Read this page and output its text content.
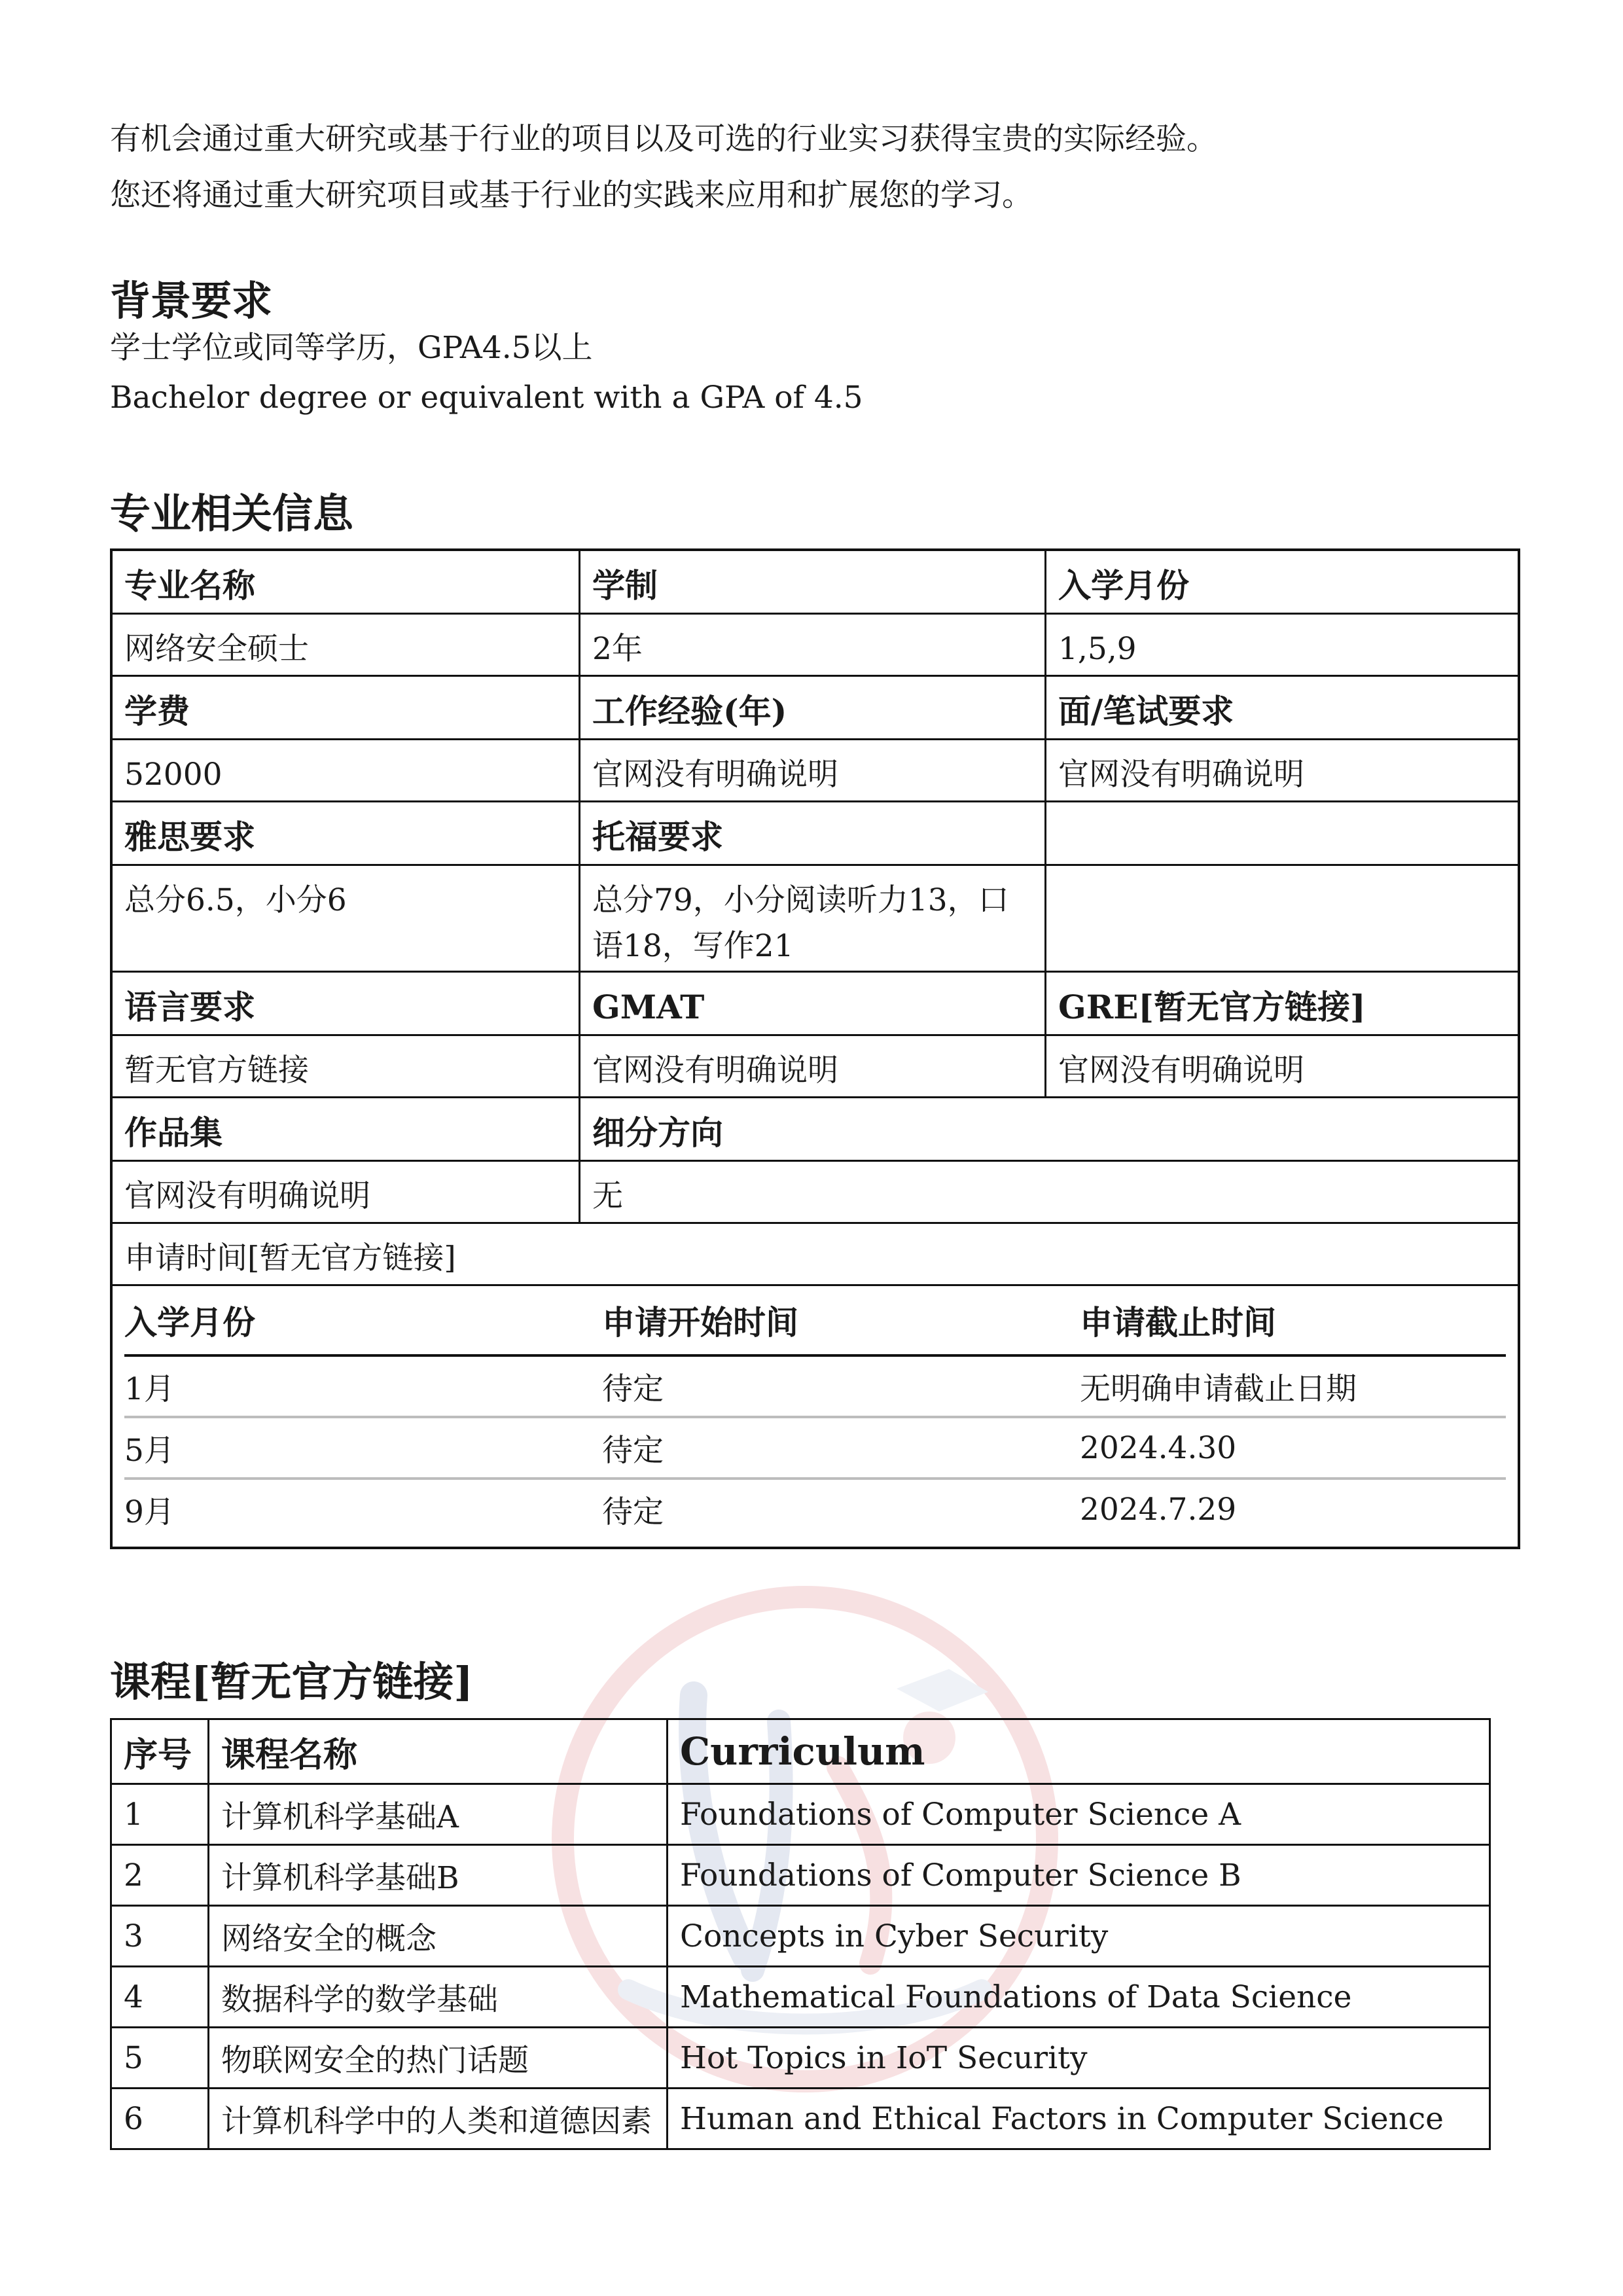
有机会通过重大研究或基于行业的项目以及可选的行业实习获得宝贵的实际经验。

您还将通过重大研究项目或基于行业的实践来应用和扩展您的学习。

背景要求

学士学位或同等学历，GPA4.5以上

Bachelor degree or equivalent with a GPA of 4.5

专业相关信息
专业名称	学制	入学月份
网络安全硕士	2年	1,5,9
学费	工作经验(年)	面/笔试要求
52000	官网没有明确说明	官网没有明确说明
雅思要求	托福要求
总分6.5，小分6	总分79，小分阅读听力13，口语18，写作21
语言要求	GMAT	GRE[暂无官方链接]
暂无官方链接	官网没有明确说明	官网没有明确说明
作品集	细分方向
官网没有明确说明	无
申请时间[暂无官方链接]
入学月份	申请开始时间	申请截止时间
1月	待定	无明确申请截止日期
5月	待定	2024.4.30
9月	待定	2024.7.29
课程[暂无官方链接]
序号	课程名称	Curriculum
1	计算机科学基础A	Foundations of Computer Science A
2	计算机科学基础B	Foundations of Computer Science B
3	网络安全的概念	Concepts in Cyber Security
4	数据科学的数学基础	Mathematical Foundations of Data Science
5	物联网安全的热门话题	Hot Topics in IoT Security
6	计算机科学中的人类和道德因素	Human and Ethical Factors in Computer Science
